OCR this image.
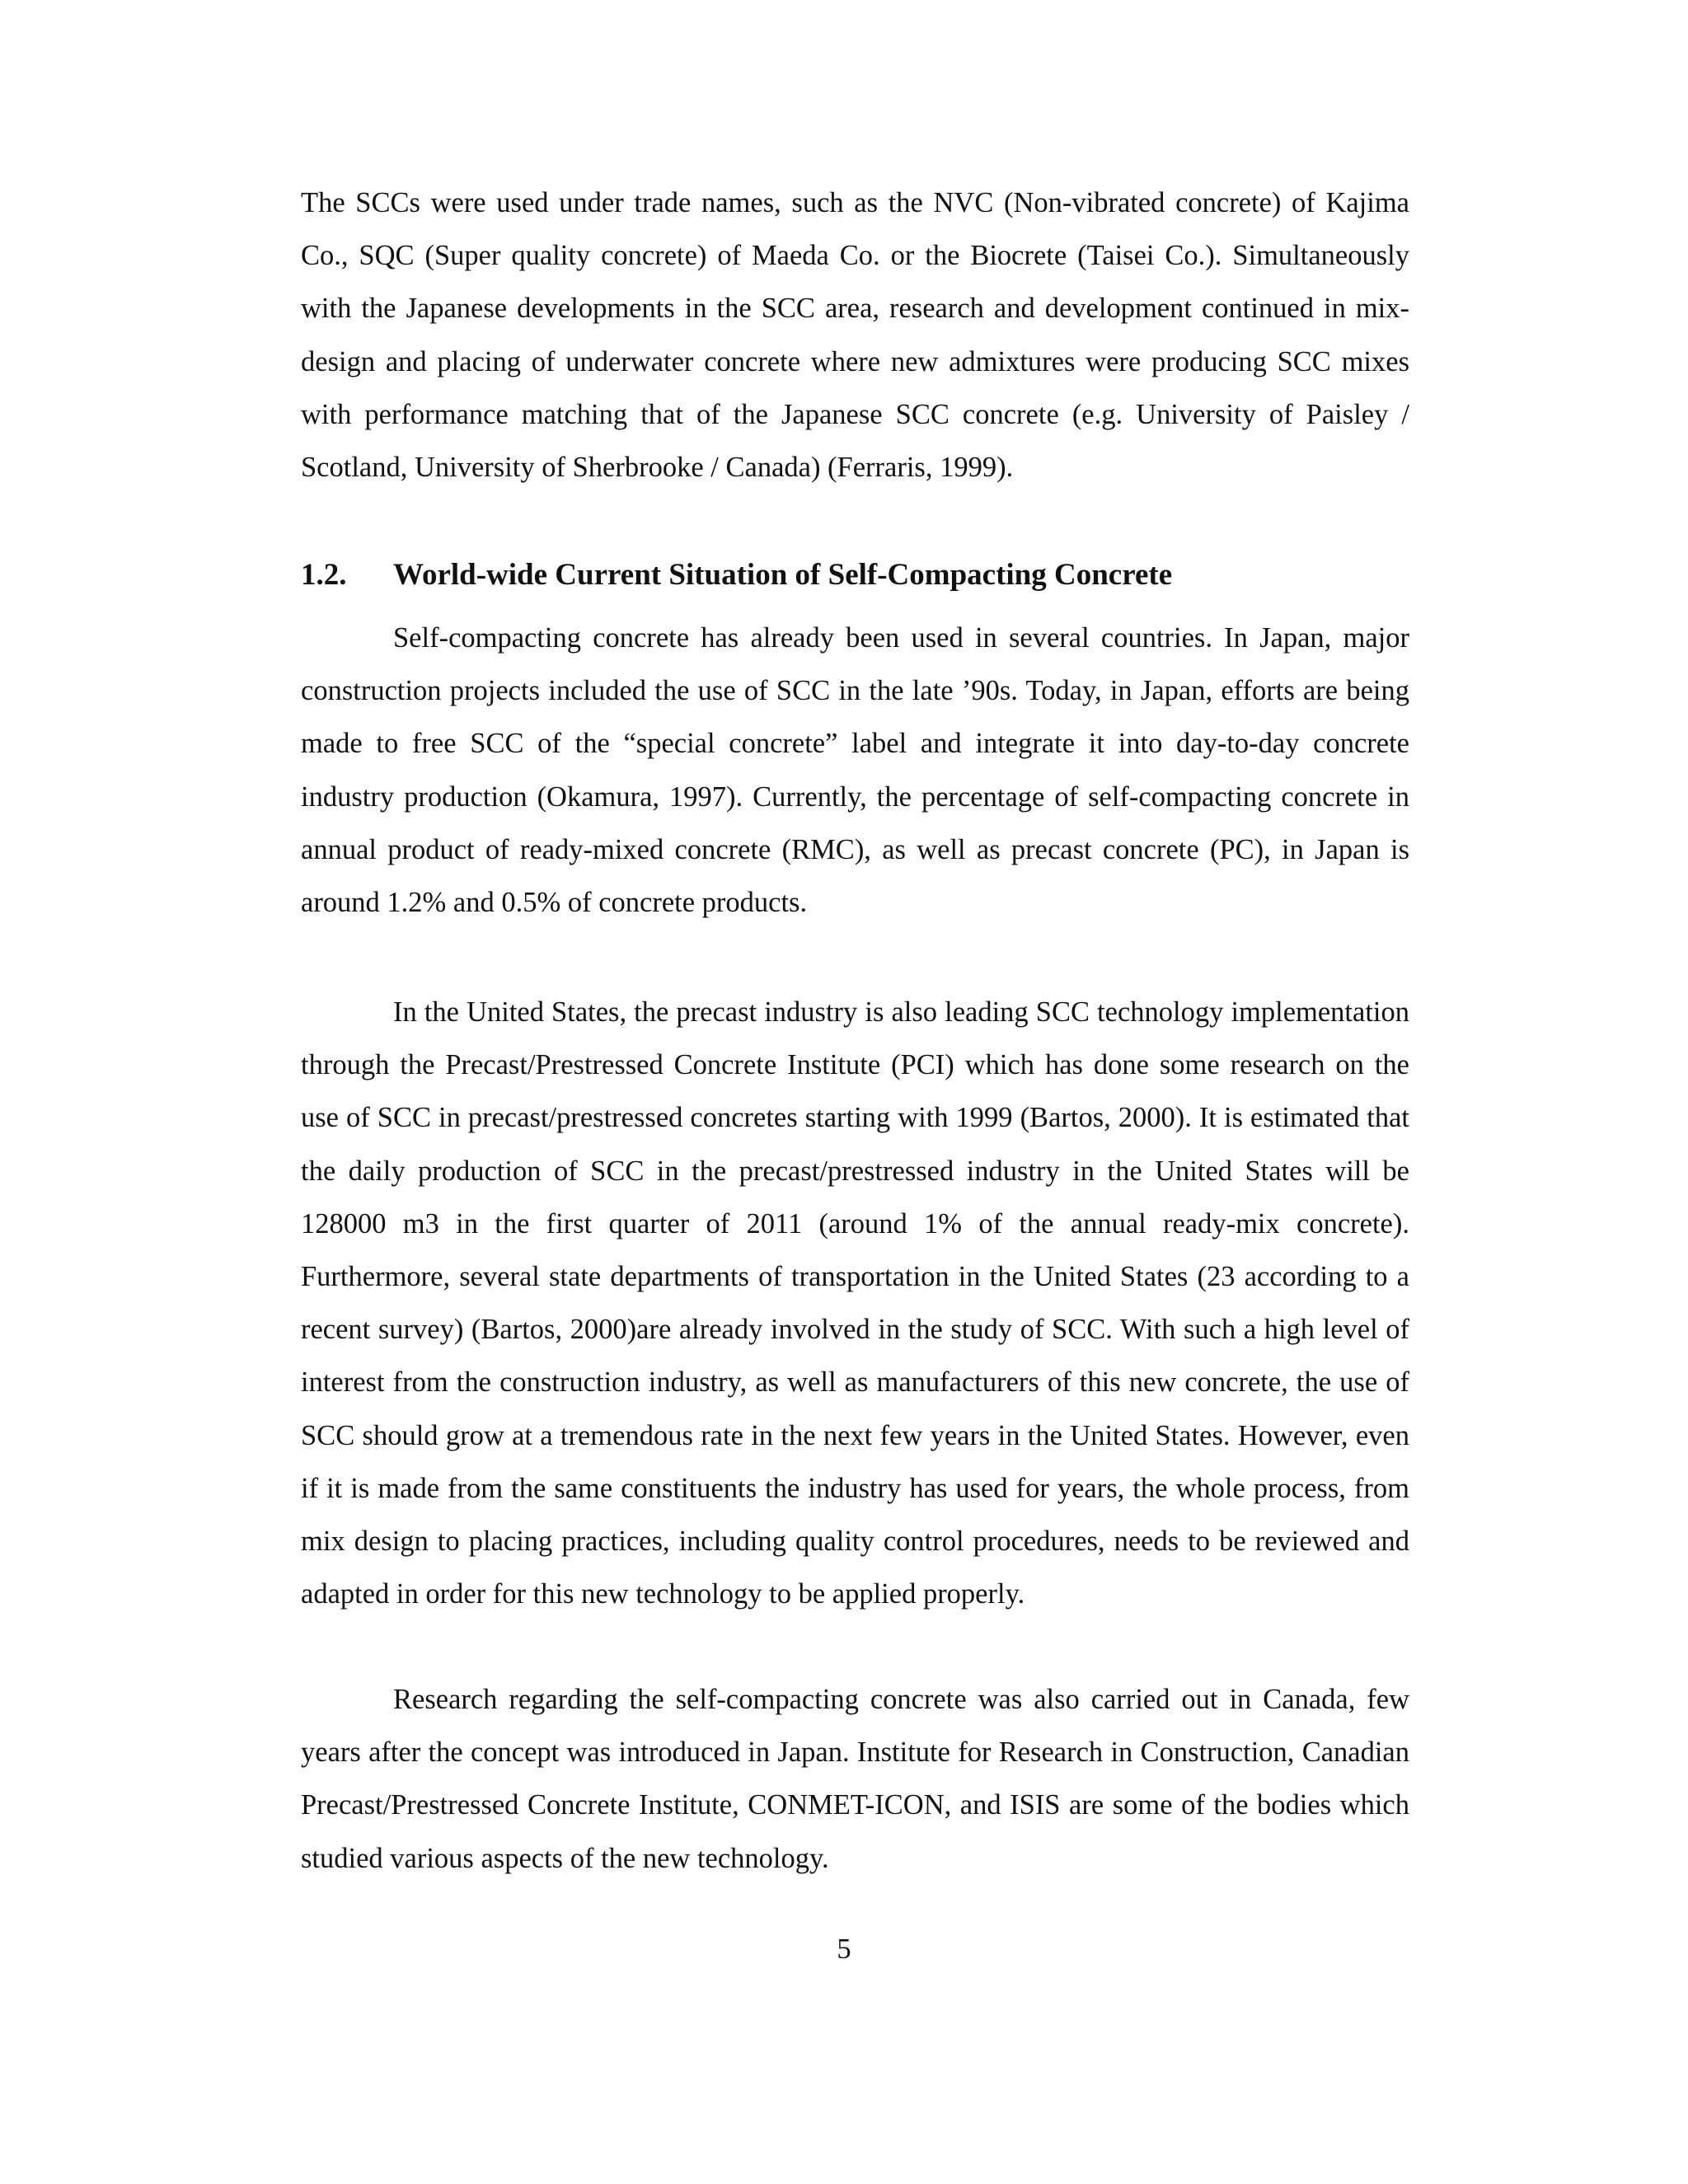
The SCCs were used under trade names, such as the NVC (Non-vibrated concrete) of Kajima Co., SQC (Super quality concrete) of Maeda Co. or the Biocrete (Taisei Co.). Simultaneously with the Japanese developments in the SCC area, research and development continued in mix-design and placing of underwater concrete where new admixtures were producing SCC mixes with performance matching that of the Japanese SCC concrete (e.g. University of Paisley / Scotland, University of Sherbrooke / Canada) (Ferraris, 1999).

1.2. World-wide Current Situation of Self-Compacting Concrete

Self-compacting concrete has already been used in several countries. In Japan, major construction projects included the use of SCC in the late ’90s. Today, in Japan, efforts are being made to free SCC of the “special concrete” label and integrate it into day-to-day concrete industry production (Okamura, 1997). Currently, the percentage of self-compacting concrete in annual product of ready-mixed concrete (RMC), as well as precast concrete (PC), in Japan is around 1.2% and 0.5% of concrete products.

In the United States, the precast industry is also leading SCC technology implementation through the Precast/Prestressed Concrete Institute (PCI) which has done some research on the use of SCC in precast/prestressed concretes starting with 1999 (Bartos, 2000). It is estimated that the daily production of SCC in the precast/prestressed industry in the United States will be 128000 m3 in the first quarter of 2011 (around 1% of the annual ready-mix concrete). Furthermore, several state departments of transportation in the United States (23 according to a recent survey) (Bartos, 2000)are already involved in the study of SCC. With such a high level of interest from the construction industry, as well as manufacturers of this new concrete, the use of SCC should grow at a tremendous rate in the next few years in the United States. However, even if it is made from the same constituents the industry has used for years, the whole process, from mix design to placing practices, including quality control procedures, needs to be reviewed and adapted in order for this new technology to be applied properly.

Research regarding the self-compacting concrete was also carried out in Canada, few years after the concept was introduced in Japan. Institute for Research in Construction, Canadian Precast/Prestressed Concrete Institute, CONMET-ICON, and ISIS are some of the bodies which studied various aspects of the new technology.

5
